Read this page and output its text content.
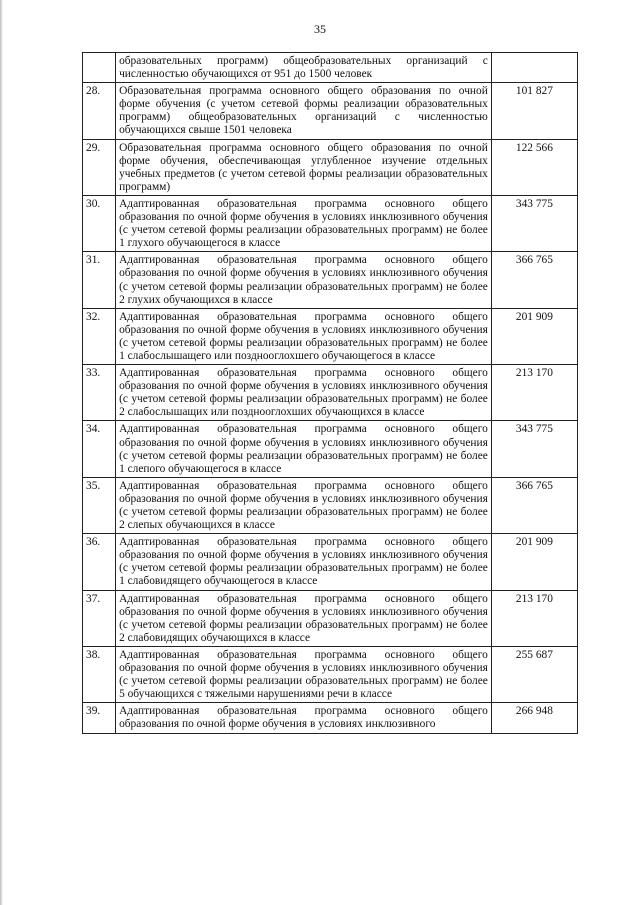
35
	образовательных программ) общеобразовательных организаций с численностью обучающихся от 951 до 1500 человек	
28.	Образовательная программа основного общего образования по очной форме обучения (с учетом сетевой формы реализации образовательных программ) общеобразовательных организаций с численностью обучающихся свыше 1501 человека	101 827
29.	Образовательная программа основного общего образования по очной форме обучения, обеспечивающая углубленное изучение отдельных учебных предметов (с учетом сетевой формы реализации образовательных программ)	122 566
30.	Адаптированная образовательная программа основного общего образования по очной форме обучения в условиях инклюзивного обучения (с учетом сетевой формы реализации образовательных программ) не более 1 глухого обучающегося в классе	343 775
31.	Адаптированная образовательная программа основного общего образования по очной форме обучения в условиях инклюзивного обучения (с учетом сетевой формы реализации образовательных программ) не более 2 глухих обучающихся в классе	366 765
32.	Адаптированная образовательная программа основного общего образования по очной форме обучения в условиях инклюзивного обучения (с учетом сетевой формы реализации образовательных программ) не более 1 слабослышащего или позднооглохшего обучающегося в классе	201 909
33.	Адаптированная образовательная программа основного общего образования по очной форме обучения в условиях инклюзивного обучения (с учетом сетевой формы реализации образовательных программ) не более 2 слабослышащих или позднооглохших обучающихся в классе	213 170
34.	Адаптированная образовательная программа основного общего образования по очной форме обучения в условиях инклюзивного обучения (с учетом сетевой формы реализации образовательных программ) не более 1 слепого обучающегося в классе	343 775
35.	Адаптированная образовательная программа основного общего образования по очной форме обучения в условиях инклюзивного обучения (с учетом сетевой формы реализации образовательных программ) не более 2 слепых обучающихся в классе	366 765
36.	Адаптированная образовательная программа основного общего образования по очной форме обучения в условиях инклюзивного обучения (с учетом сетевой формы реализации образовательных программ) не более 1 слабовидящего обучающегося в классе	201 909
37.	Адаптированная образовательная программа основного общего образования по очной форме обучения в условиях инклюзивного обучения (с учетом сетевой формы реализации образовательных программ) не более 2 слабовидящих обучающихся в классе	213 170
38.	Адаптированная образовательная программа основного общего образования по очной форме обучения в условиях инклюзивного обучения (с учетом сетевой формы реализации образовательных программ) не более 5 обучающихся с тяжелыми нарушениями речи в классе	255 687
39.	Адаптированная образовательная программа основного общего образования по очной форме обучения в условиях инклюзивного	266 948
